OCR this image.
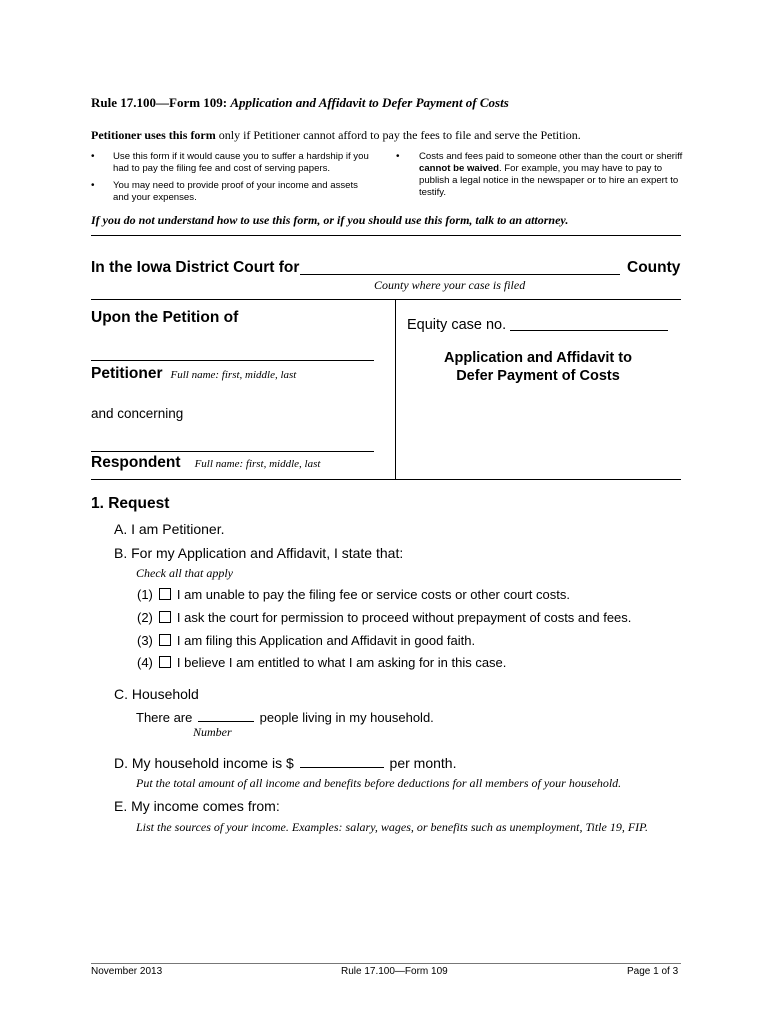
Rule 17.100—Form 109: Application and Affidavit to Defer Payment of Costs
Petitioner uses this form only if Petitioner cannot afford to pay the fees to file and serve the Petition.
• Use this form if it would cause you to suffer a hardship if you had to pay the filing fee and cost of serving papers.
• You may need to provide proof of your income and assets and your expenses.
• Costs and fees paid to someone other than the court or sheriff cannot be waived. For example, you may have to pay to publish a legal notice in the newspaper or to hire an expert to testify.
If you do not understand how to use this form, or if you should use this form, talk to an attorney.
In the Iowa District Court for	County
County where your case is filed
Upon the Petition of
Petitioner Full name: first, middle, last
and concerning
Respondent Full name: first, middle, last
Equity case no.
Application and Affidavit to
Defer Payment of Costs
1. Request
A. I am Petitioner.
B. For my Application and Affidavit, I state that:
Check all that apply
(1) I am unable to pay the filing fee or service costs or other court costs.
(2) I ask the court for permission to proceed without prepayment of costs and fees.
(3) I am filing this Application and Affidavit in good faith.
(4) I believe I am entitled to what I am asking for in this case.
C. Household
There are	people living in my household.
Number
D. My household income is $	per month.
Put the total amount of all income and benefits before deductions for all members of your household.
E. My income comes from:
List the sources of your income. Examples: salary, wages, or benefits such as unemployment, Title 19, FIP.
November 2013	Rule 17.100—Form 109	Page 1 of 3
